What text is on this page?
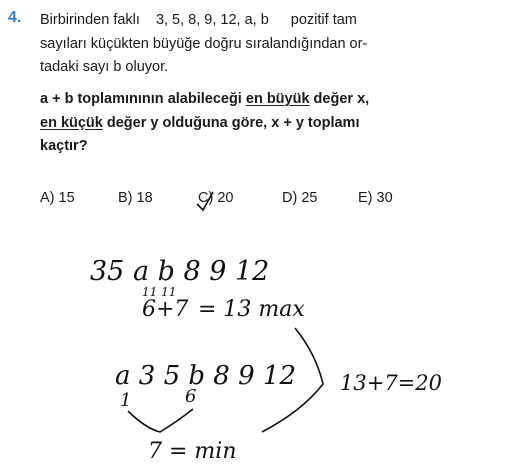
4. Birbirinden faklı 3, 5, 8, 9, 12, a, b pozitif tam
sayıları küçükten büyüğe doğru sıralandığından or-
tadaki sayı b oluyor.
a + b toplamınının alabileceği en büyük değer x,
en küçük değer y olduğuna göre, x + y toplamı
kaçtır?
A) 15	B) 18	C) 20	D) 25	E) 30
35 a b 8 9 12
11 11
6+7 = 13 max
a 3 5 b 8 9 12
1	6
7 = min
13+7=20
